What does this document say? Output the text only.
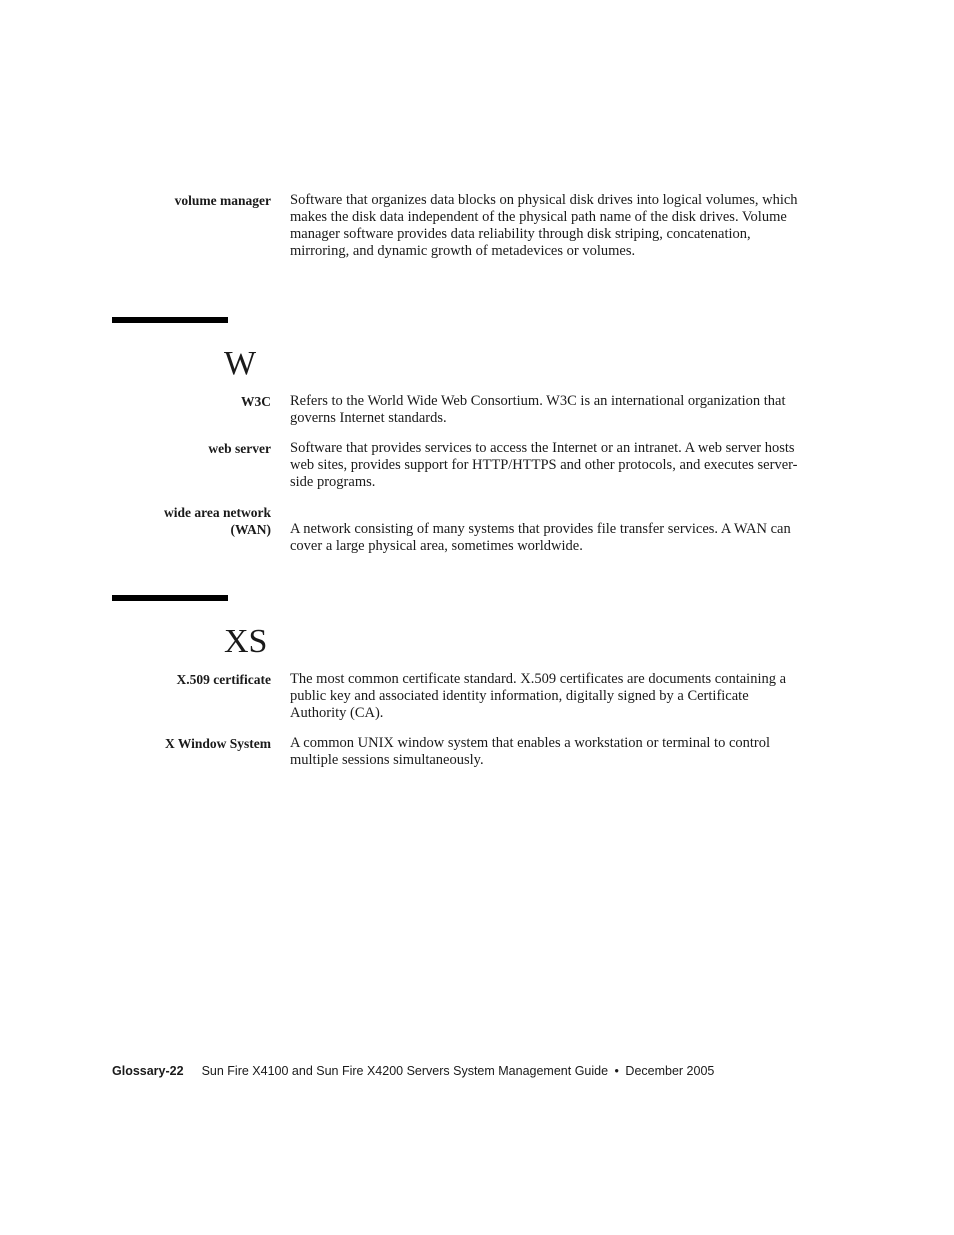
volume manager Software that organizes data blocks on physical disk drives into logical volumes, which makes the disk data independent of the physical path name of the disk drives. Volume manager software provides data reliability through disk striping, concatenation, mirroring, and dynamic growth of metadevices or volumes.
W
W3C Refers to the World Wide Web Consortium. W3C is an international organization that governs Internet standards.
web server Software that provides services to access the Internet or an intranet. A web server hosts web sites, provides support for HTTP/HTTPS and other protocols, and executes server-side programs.
wide area network
(WAN) A network consisting of many systems that provides file transfer services. A WAN can cover a large physical area, sometimes worldwide.
XS
X.509 certificate The most common certificate standard. X.509 certificates are documents containing a public key and associated identity information, digitally signed by a Certificate Authority (CA).
X Window System A common UNIX window system that enables a workstation or terminal to control multiple sessions simultaneously.
Glossary-22 Sun Fire X4100 and Sun Fire X4200 Servers System Management Guide • December 2005
